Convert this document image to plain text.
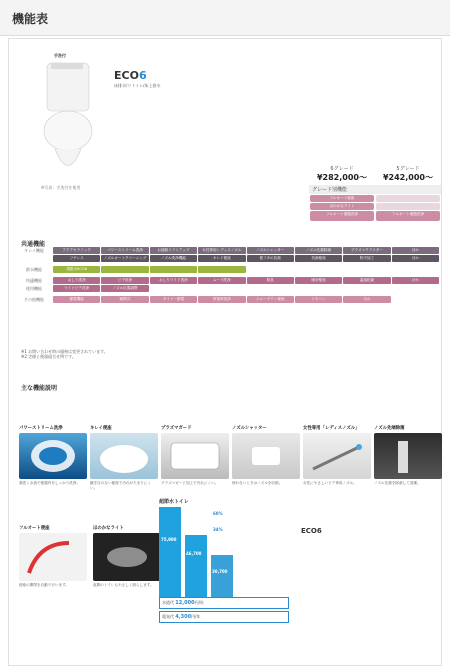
機能表
手洗付
ECO6
床排水/リトイレ/床上排水
※写真：手洗付を使用
6グレード
¥282,000～
5グレード
¥242,000～
グレード別機能
フルオート便座
ほのかなライト
フルオート便器洗浄	フルオート便器洗浄
共通機能
キレイ機能	アクアセラミック	パワーストリーム洗浄	お掃除リフトアップ	女性専用レディスノズル	ノズルシャッター	ノズル先端除菌	プラズマクラスター	ほか
フチレス	ノズルオートクリーニング	ノズル洗浄機能	キレイ便座	便フタの抗菌	抗菌便座	防汚加工	ほか
節水機能	超節水ECO6
快適機能	おしり洗浄	ビデ洗浄	おしりワイド洗浄	ムーブ洗浄	脱臭	暖房便座	温風乾燥	ほか
使用機能	ワイドビデ洗浄	ノズル位置調整
その他機能	節電機能	瞬間式	タイマー節電	停電時洗浄	スローダウン便座	リモコン	ほか
※1 お問い合わせ時の価格は変更されています。
※2 定価と便器組合せ例です。
主な機能説明
パワーストリーム洗浄
渦巻く水流で便器内をしっかり洗浄。
キレイ便座
継ぎ目のない便座で汚れがたまりにくい。
プラズマガード
プラズマガード加工で汚れにくい。
ノズルシャッター
使わないときはノズルを収納。
女性専用「レディスノズル」
女性にやさしいビデ専用ノズル。
ノズル先端除菌
ノズル先端を除菌して清潔。
フルオート便座
便座の開閉を自動で行います。
ほのかなライト
夜間のトイレもやさしく照らします。
超節水トイレ
75,900
46,700
30,700
60%
34%
水道代 12,000円/年
電気代 4,300円/年
ECO6
